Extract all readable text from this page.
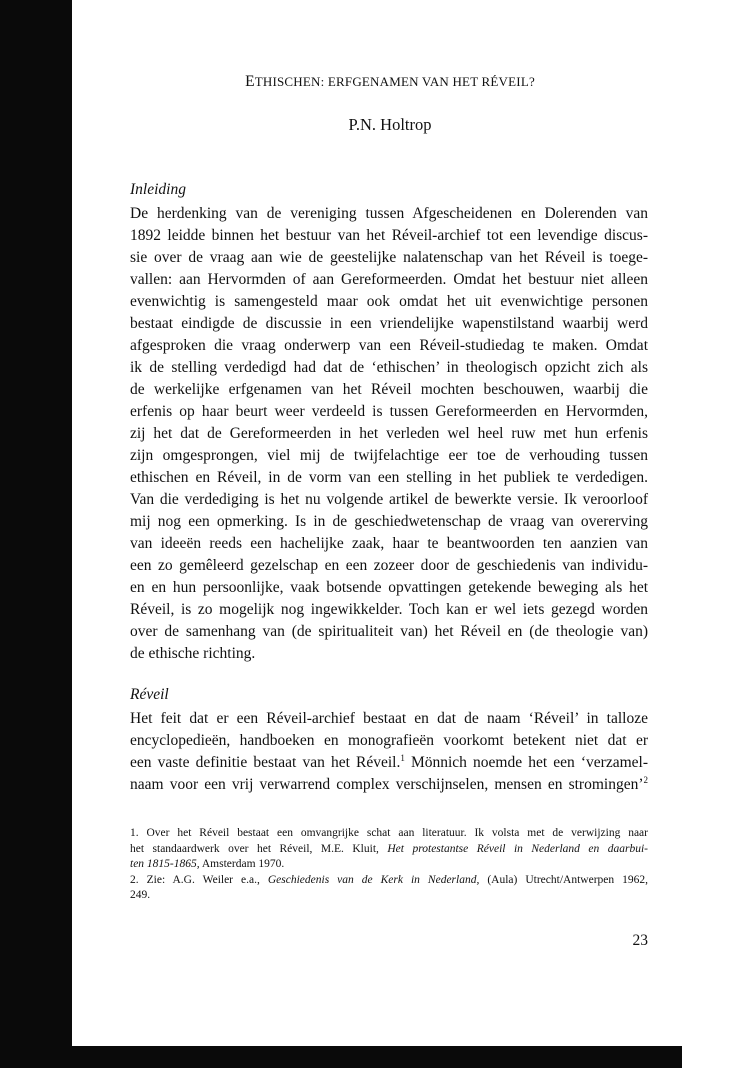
ETHISCHEN: ERFGENAMEN VAN HET RÉVEIL?
P.N. Holtrop
Inleiding
De herdenking van de vereniging tussen Afgescheidenen en Dolerenden van
1892 leidde binnen het bestuur van het Réveil-archief tot een levendige discus-
sie over de vraag aan wie de geestelijke nalatenschap van het Réveil is toege-
vallen: aan Hervormden of aan Gereformeerden. Omdat het bestuur niet alleen
evenwichtig is samengesteld maar ook omdat het uit evenwichtige personen
bestaat eindigde de discussie in een vriendelijke wapenstilstand waarbij werd
afgesproken die vraag onderwerp van een Réveil-studiedag te maken. Omdat
ik de stelling verdedigd had dat de ‘ethischen’ in theologisch opzicht zich als
de werkelijke erfgenamen van het Réveil mochten beschouwen, waarbij die
erfenis op haar beurt weer verdeeld is tussen Gereformeerden en Hervormden,
zij het dat de Gereformeerden in het verleden wel heel ruw met hun erfenis
zijn omgesprongen, viel mij de twijfelachtige eer toe de verhouding tussen
ethischen en Réveil, in de vorm van een stelling in het publiek te verdedigen.
Van die verdediging is het nu volgende artikel de bewerkte versie. Ik veroorloof
mij nog een opmerking. Is in de geschiedwetenschap de vraag van overerving
van ideeën reeds een hachelijke zaak, haar te beantwoorden ten aanzien van
een zo gemêleerd gezelschap en een zozeer door de geschiedenis van individu-
en en hun persoonlijke, vaak botsende opvattingen getekende beweging als het
Réveil, is zo mogelijk nog ingewikkelder. Toch kan er wel iets gezegd worden
over de samenhang van (de spiritualiteit van) het Réveil en (de theologie van)
de ethische richting.
Réveil
Het feit dat er een Réveil-archief bestaat en dat de naam ‘Réveil’ in talloze
encyclopedieën, handboeken en monografieën voorkomt betekent niet dat er
een vaste definitie bestaat van het Réveil.$^1$ Mönnich noemde het een ‘verzamel-
naam voor een vrij verwarrend complex verschijnselen, mensen en stromingen’$^2$
1. Over het Réveil bestaat een omvangrijke schat aan literatuur. Ik volsta met de verwijzing naar
het standaardwerk over het Réveil, M.E. Kluit, Het protestantse Réveil in Nederland en daarbui-
ten 1815-1865, Amsterdam 1970.
2. Zie: A.G. Weiler e.a., Geschiedenis van de Kerk in Nederland, (Aula) Utrecht/Antwerpen 1962,
249.
23
